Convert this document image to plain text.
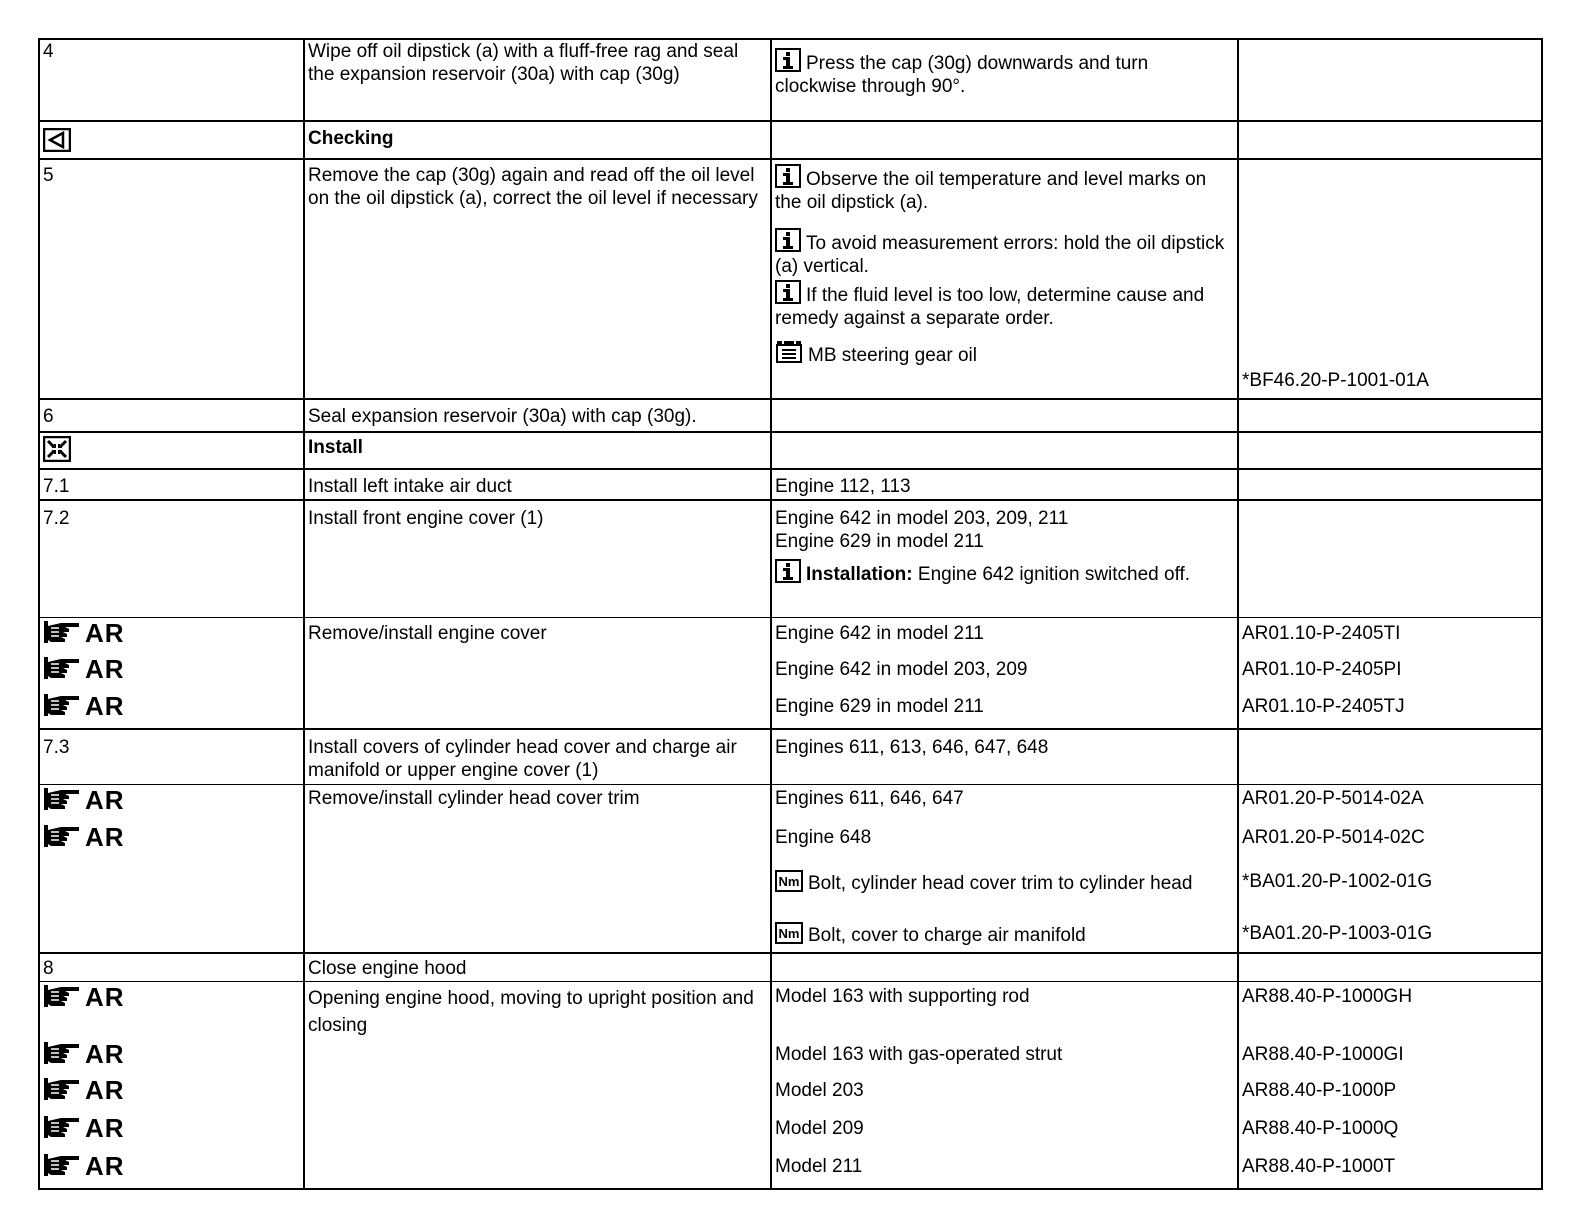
4	Wipe off oil dipstick (a) with a fluff-free rag and seal the expansion reservoir (30a) with cap (30g)	Press the cap (30g) downwards and turn clockwise through 90°.	
	Checking		
5	Remove the cap (30g) again and read off the oil level on the oil dipstick (a), correct the oil level if necessary	Observe the oil temperature and level marks on the oil dipstick (a).
To avoid measurement errors: hold the oil dipstick (a) vertical.
If the fluid level is too low, determine cause and remedy against a separate order.
MB steering gear oil	*BF46.20-P-1001-01A
6	Seal expansion reservoir (30a) with cap (30g).		
	Install		
7.1	Install left intake air duct	Engine 112, 113	
7.2	Install front engine cover (1)	Engine 642 in model 203, 209, 211
Engine 629 in model 211
Installation: Engine 642 ignition switched off.	

AR	Remove/install engine cover	Engine 642 in model 211	AR01.10-P-2405TI

AR		Engine 642 in model 203, 209	AR01.10-P-2405PI

AR		Engine 629 in model 211	AR01.10-P-2405TJ
7.3	Install covers of cylinder head cover and charge air manifold or upper engine cover (1)	Engines 611, 613, 646, 647, 648	

AR	Remove/install cylinder head cover trim	Engines 611, 646, 647	AR01.20-P-5014-02A

AR		Engine 648	AR01.20-P-5014-02C
		Bolt, cylinder head cover trim to cylinder head	*BA01.20-P-1002-01G
		Bolt, cover to charge air manifold	*BA01.20-P-1003-01G
8	Close engine hood		

AR	Opening engine hood, moving to upright position and closing	Model 163 with supporting rod	AR88.40-P-1000GH

AR		Model 163 with gas-operated strut	AR88.40-P-1000GI

AR		Model 203	AR88.40-P-1000P

AR		Model 209	AR88.40-P-1000Q

AR		Model 211	AR88.40-P-1000T
